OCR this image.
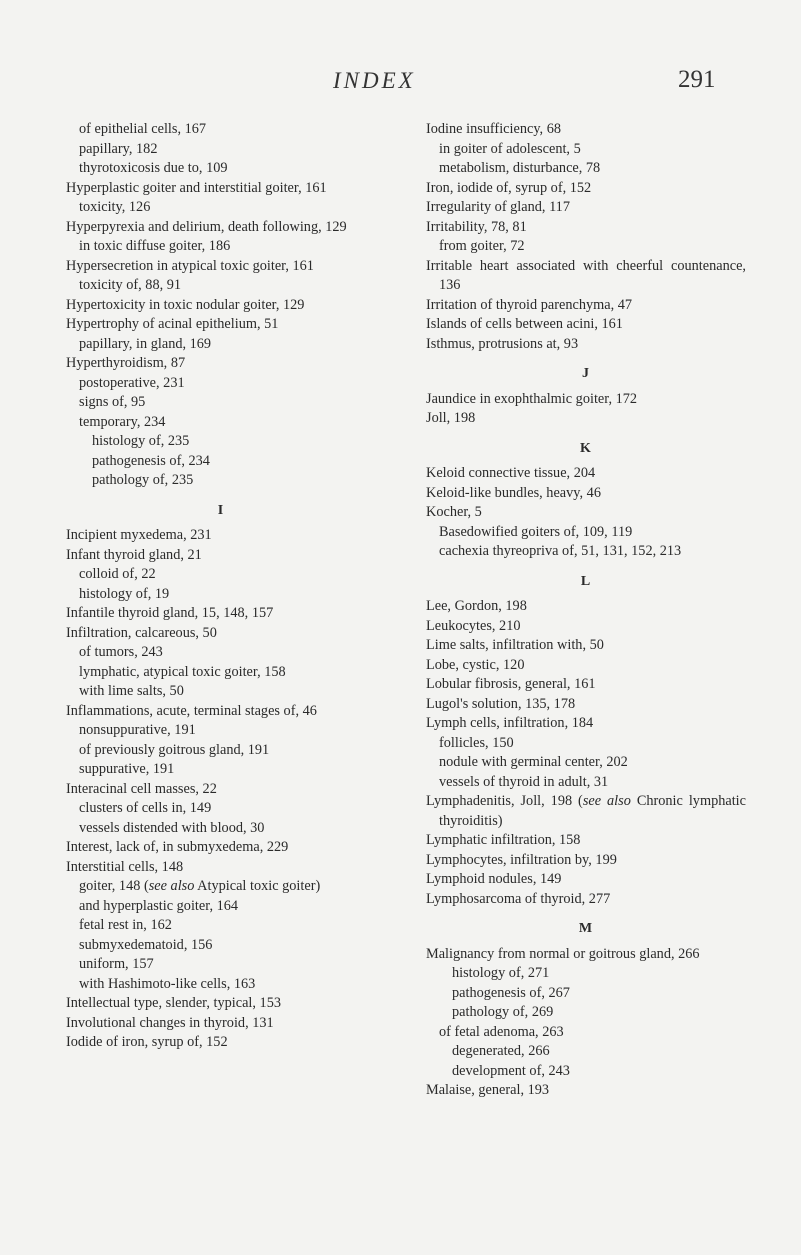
INDEX	291

of epithelial cells, 167

papillary, 182

thyrotoxicosis due to, 109

Hyperplastic goiter and interstitial goiter, 161

toxicity, 126

Hyperpyrexia and delirium, death following, 129

in toxic diffuse goiter, 186

Hypersecretion in atypical toxic goiter, 161

toxicity of, 88, 91

Hypertoxicity in toxic nodular goiter, 129

Hypertrophy of acinal epithelium, 51

papillary, in gland, 169

Hyperthyroidism, 87

postoperative, 231

signs of, 95

temporary, 234

histology of, 235

pathogenesis of, 234

pathology of, 235

I

Incipient myxedema, 231

Infant thyroid gland, 21

colloid of, 22

histology of, 19

Infantile thyroid gland, 15, 148, 157

Infiltration, calcareous, 50

of tumors, 243

lymphatic, atypical toxic goiter, 158

with lime salts, 50

Inflammations, acute, terminal stages of, 46

nonsuppurative, 191

of previously goitrous gland, 191

suppurative, 191

Interacinal cell masses, 22

clusters of cells in, 149

vessels distended with blood, 30

Interest, lack of, in submyxedema, 229

Interstitial cells, 148

goiter, 148 (see also Atypical toxic goiter)

and hyperplastic goiter, 164

fetal rest in, 162

submyxedematoid, 156

uniform, 157

with Hashimoto-like cells, 163

Intellectual type, slender, typical, 153

Involutional changes in thyroid, 131

Iodide of iron, syrup of, 152

Iodine insufficiency, 68

in goiter of adolescent, 5

metabolism, disturbance, 78

Iron, iodide of, syrup of, 152

Irregularity of gland, 117

Irritability, 78, 81

from goiter, 72

Irritable heart associated with cheerful countenance, 136

Irritation of thyroid parenchyma, 47

Islands of cells between acini, 161

Isthmus, protrusions at, 93

J

Jaundice in exophthalmic goiter, 172

Joll, 198

K

Keloid connective tissue, 204

Keloid-like bundles, heavy, 46

Kocher, 5

Basedowified goiters of, 109, 119

cachexia thyreopriva of, 51, 131, 152, 213

L

Lee, Gordon, 198

Leukocytes, 210

Lime salts, infiltration with, 50

Lobe, cystic, 120

Lobular fibrosis, general, 161

Lugol's solution, 135, 178

Lymph cells, infiltration, 184

follicles, 150

nodule with germinal center, 202

vessels of thyroid in adult, 31

Lymphadenitis, Joll, 198 (see also Chronic lymphatic thyroiditis)

Lymphatic infiltration, 158

Lymphocytes, infiltration by, 199

Lymphoid nodules, 149

Lymphosarcoma of thyroid, 277

M

Malignancy from normal or goitrous gland, 266

histology of, 271

pathogenesis of, 267

pathology of, 269

of fetal adenoma, 263

degenerated, 266

development of, 243

Malaise, general, 193
